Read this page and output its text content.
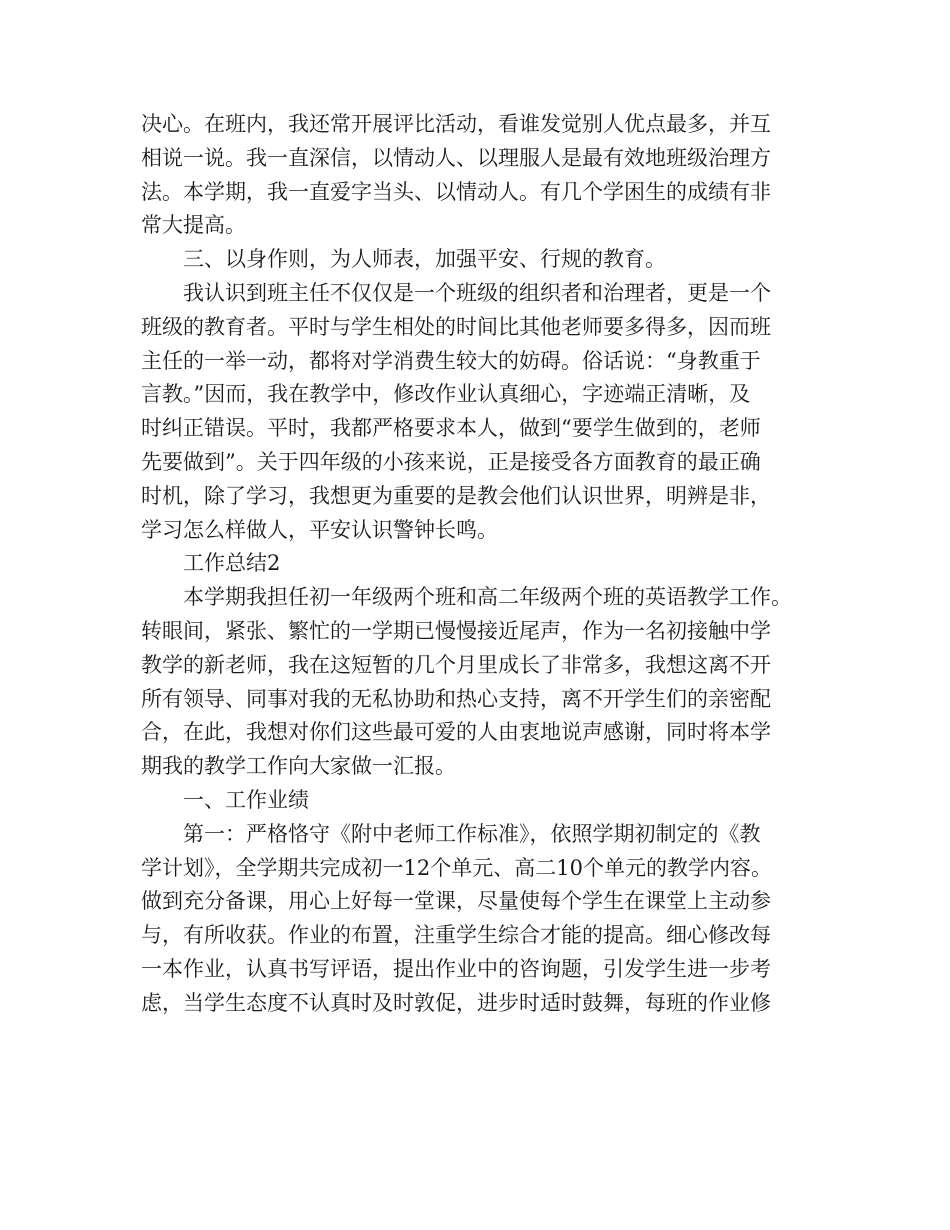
决心。在班内，我还常开展评比活动，看谁发觉别人优点最多，并互

相说一说。我一直深信，以情动人、以理服人是最有效地班级治理方

法。本学期，我一直爱字当头、以情动人。有几个学困生的成绩有非

常大提高。

三、以身作则，为人师表，加强平安、行规的教育。

我认识到班主任不仅仅是一个班级的组织者和治理者，更是一个

班级的教育者。平时与学生相处的时间比其他老师要多得多，因而班

主任的一举一动，都将对学消费生较大的妨碍。俗话说：“身教重于

言教。”因而，我在教学中，修改作业认真细心，字迹端正清晰，及

时纠正错误。平时，我都严格要求本人，做到“要学生做到的，老师

先要做到”。关于四年级的小孩来说，正是接受各方面教育的最正确

时机，除了学习，我想更为重要的是教会他们认识世界，明辨是非，

学习怎么样做人，平安认识警钟长鸣。

工作总结2

本学期我担任初一年级两个班和高二年级两个班的英语教学工作。

转眼间，紧张、繁忙的一学期已慢慢接近尾声，作为一名初接触中学

教学的新老师，我在这短暂的几个月里成长了非常多，我想这离不开

所有领导、同事对我的无私协助和热心支持，离不开学生们的亲密配

合，在此，我想对你们这些最可爱的人由衷地说声感谢，同时将本学

期我的教学工作向大家做一汇报。

一、工作业绩

第一：严格恪守《附中老师工作标准》，依照学期初制定的《教

学计划》，全学期共完成初一12个单元、高二10个单元的教学内容。

做到充分备课，用心上好每一堂课，尽量使每个学生在课堂上主动参

与，有所收获。作业的布置，注重学生综合才能的提高。细心修改每

一本作业，认真书写评语，提出作业中的咨询题，引发学生进一步考

虑，当学生态度不认真时及时敦促，进步时适时鼓舞，每班的作业修
